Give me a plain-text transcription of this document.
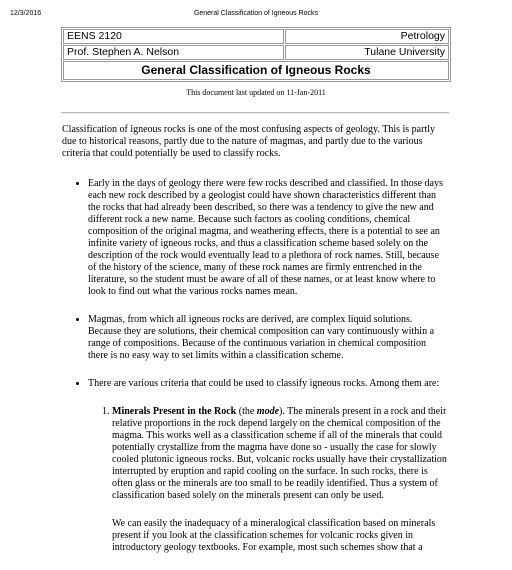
12/3/2016	General Classification of Igneous Rocks
EENS 2120	Petrology
Prof. Stephen A. Nelson	Tulane University
General Classification of Igneous Rocks	
This document last updated on 11-Jan-2011

Classification of igneous rocks is one of the most confusing aspects of geology. This is partly due to historical reasons, partly due to the nature of magmas, and partly due to the various criteria that could potentially be used to classify rocks.

• Early in the days of geology there were few rocks described and classified. In those days each new rock described by a geologist could have shown characteristics different than the rocks that had already been described, so there was a tendency to give the new and different rock a new name. Because such factors as cooling conditions, chemical composition of the original magma, and weathering effects, there is a potential to see an infinite variety of igneous rocks, and thus a classification scheme based solely on the description of the rock would eventually lead to a plethora of rock names. Still, because of the history of the science, many of these rock names are firmly entrenched in the literature, so the student must be aware of all of these names, or at least know where to look to find out what the various rocks names mean.
• Magmas, from which all igneous rocks are derived, are complex liquid solutions. Because they are solutions, their chemical composition can vary continuously within a range of compositions. Because of the continuous variation in chemical composition there is no easy way to set limits within a classification scheme.
• There are various criteria that could be used to classify igneous rocks. Among them are:
1. Minerals Present in the Rock (the mode). The minerals present in a rock and their relative proportions in the rock depend largely on the chemical composition of the magma. This works well as a classification scheme if all of the minerals that could potentially crystallize from the magma have done so - usually the case for slowly cooled plutonic igneous rocks. But, volcanic rocks usually have their crystallization interrupted by eruption and rapid cooling on the surface. In such rocks, there is often glass or the minerals are too small to be readily identified. Thus a system of classification based solely on the minerals present can only be used.

We can easily the inadequacy of a mineralogical classification based on minerals present if you look at the classification schemes for volcanic rocks given in introductory geology textbooks. For example, most such schemes show that a
